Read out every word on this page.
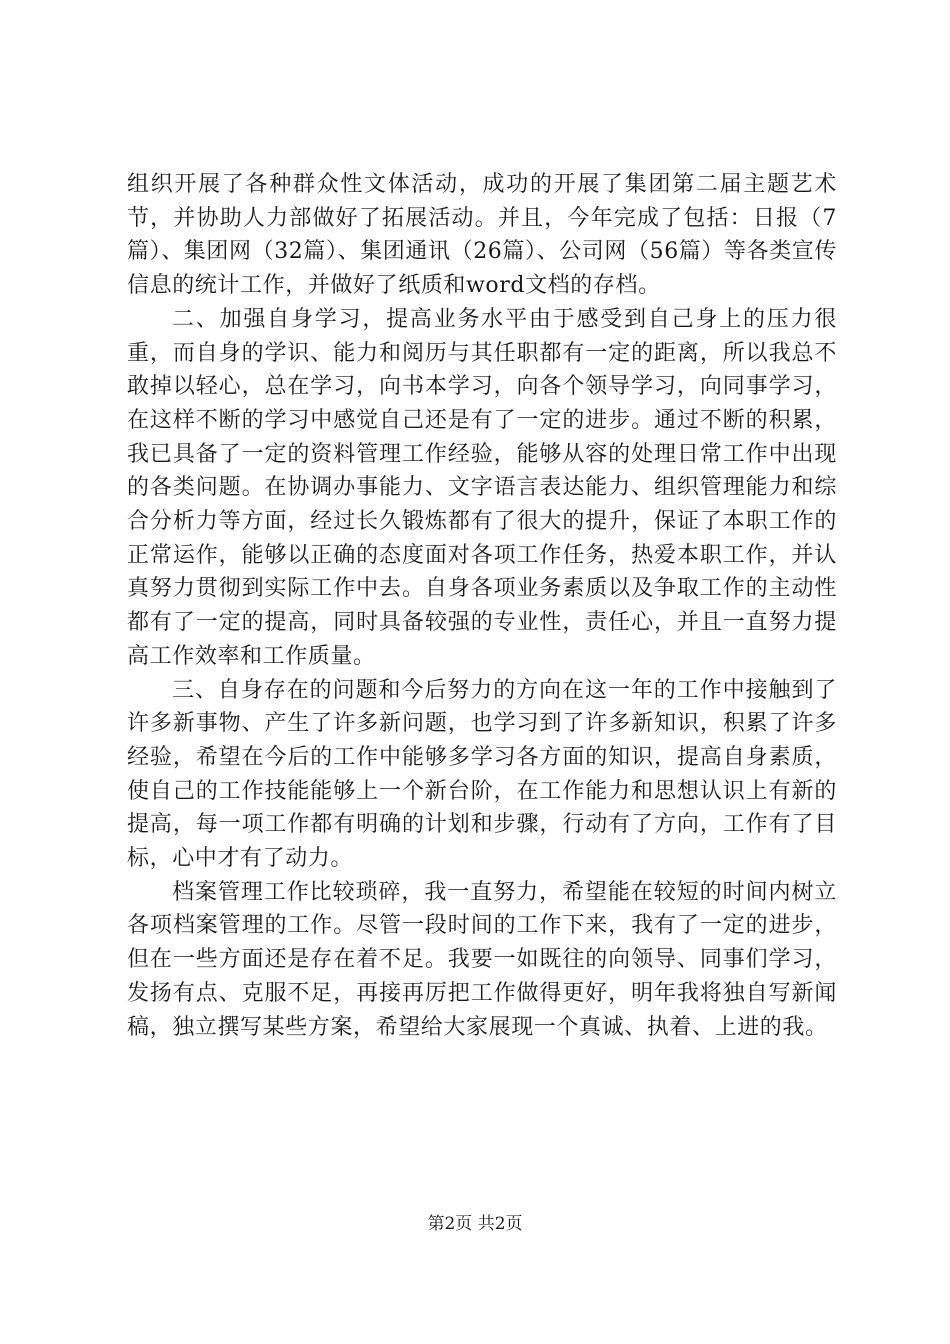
组织开展了各种群众性文体活动，成功的开展了集团第二届主题艺术节，并协助人力部做好了拓展活动。并且，今年完成了包括：日报（7篇）、集团网（32篇）、集团通讯（26篇）、公司网（56篇）等各类宣传信息的统计工作，并做好了纸质和word文档的存档。

二、加强自身学习，提高业务水平由于感受到自己身上的压力很重，而自身的学识、能力和阅历与其任职都有一定的距离，所以我总不敢掉以轻心，总在学习，向书本学习，向各个领导学习，向同事学习，在这样不断的学习中感觉自己还是有了一定的进步。通过不断的积累，我已具备了一定的资料管理工作经验，能够从容的处理日常工作中出现的各类问题。在协调办事能力、文字语言表达能力、组织管理能力和综合分析力等方面，经过长久锻炼都有了很大的提升，保证了本职工作的正常运作，能够以正确的态度面对各项工作任务，热爱本职工作，并认真努力贯彻到实际工作中去。自身各项业务素质以及争取工作的主动性都有了一定的提高，同时具备较强的专业性，责任心，并且一直努力提高工作效率和工作质量。

三、自身存在的问题和今后努力的方向在这一年的工作中接触到了许多新事物、产生了许多新问题，也学习到了许多新知识，积累了许多经验，希望在今后的工作中能够多学习各方面的知识，提高自身素质，使自己的工作技能能够上一个新台阶，在工作能力和思想认识上有新的提高，每一项工作都有明确的计划和步骤，行动有了方向，工作有了目标，心中才有了动力。

档案管理工作比较琐碎，我一直努力，希望能在较短的时间内树立各项档案管理的工作。尽管一段时间的工作下来，我有了一定的进步，但在一些方面还是存在着不足。我要一如既往的向领导、同事们学习，发扬有点、克服不足，再接再厉把工作做得更好，明年我将独自写新闻稿，独立撰写某些方案，希望给大家展现一个真诚、执着、上进的我。

第2页 共2页
